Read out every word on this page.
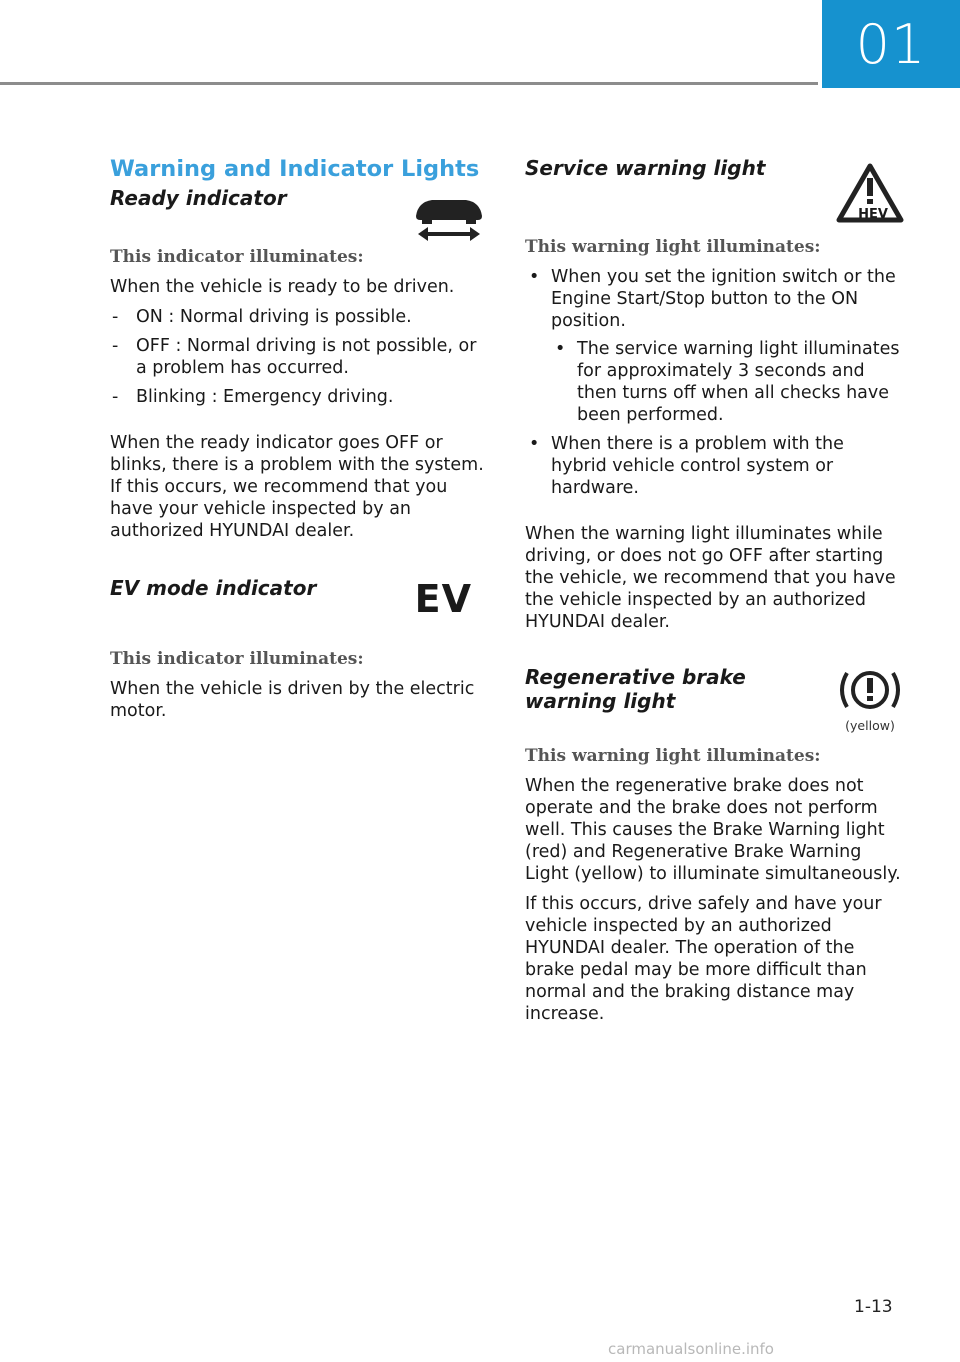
01
Warning and Indicator Lights
Ready indicator
This indicator illuminates:

When the vehicle is ready to be driven.

- ON : Normal driving is possible.
- OFF : Normal driving is not possible, or a problem has occurred.
- Blinking : Emergency driving.

When the ready indicator goes OFF or blinks, there is a problem with the system. If this occurs, we recommend that you have your vehicle inspected by an authorized HYUNDAI dealer.

EV mode indicator	EV
This indicator illuminates:

When the vehicle is driven by the electric motor.

Service warning light
HEV
This warning light illuminates:
• When you set the ignition switch or the Engine Start/Stop button to the ON position.
• The service warning light illuminates for approximately 3 seconds and then turns off when all checks have been performed.
• When there is a problem with the hybrid vehicle control system or hardware.

When the warning light illuminates while driving, or does not go OFF after starting the vehicle, we recommend that you have the vehicle inspected by an authorized HYUNDAI dealer.

Regenerative brake warning light
(yellow)
This warning light illuminates:

When the regenerative brake does not operate and the brake does not perform well. This causes the Brake Warning light (red) and Regenerative Brake Warning Light (yellow) to illuminate simultaneously.

If this occurs, drive safely and have your vehicle inspected by an authorized HYUNDAI dealer. The operation of the brake pedal may be more difficult than normal and the braking distance may increase.

1-13
carmanualsonline.info
